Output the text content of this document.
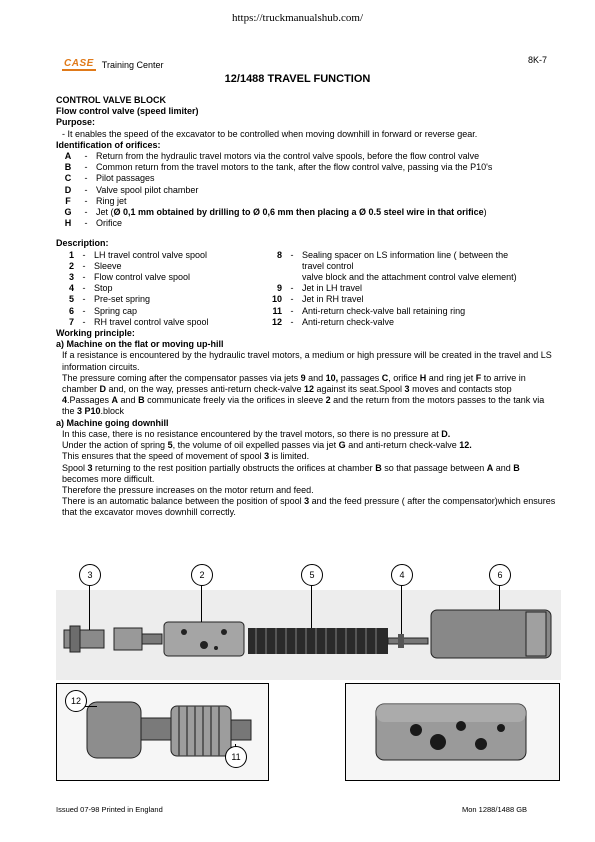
https://truckmanualshub.com/
CASE Training Center	8K-7
12/1488 TRAVEL FUNCTION
CONTROL VALVE BLOCK
Flow control valve (speed limiter)
Purpose:
- It enables the speed of the excavator to be controlled when moving downhill in forward or reverse gear.
Identification of orifices:
A	- Return from the hydraulic travel motors via the control valve spools, before the flow control valve
B	- Common return from the travel motors to the tank, after the flow control valve, passing via the P10's
C	- Pilot passages
D	- Valve spool pilot chamber
F	- Ring jet
G	- Jet (Ø 0,1 mm obtained by drilling to Ø 0,6 mm then placing a Ø 0.5 steel wire in that orifice)
H	- Orifice
Description:
1 - LH travel control valve spool
2 - Sleeve
3 - Flow control valve spool
4 - Stop
5 - Pre-set spring
6 - Spring cap
7 - RH travel control valve spool
8 - Sealing spacer on LS information line ( between the
travel control
valve block and the attachment control valve element)
9 - Jet in LH travel
10 - Jet in RH travel
11 - Anti-return check-valve ball retaining ring
12 - Anti-return check-valve
Working principle:
a) Machine on the flat or moving up-hill
If a resistance is encountered by the hydraulic travel motors, a medium or high pressure will be created in the travel and LS information circuits.
The pressure coming after the compensator passes via jets 9 and 10, passages C, orifice H and ring jet F to arrive in chamber D and, on the way, presses anti-return check-valve 12 against its seat.Spool 3 moves and contacts stop 4.Passages A and B communicate freely via the orifices in sleeve 2 and the return from the motors passes to the tank via the 3 P10.block
a) Machine going downhill
In this case, there is no resistance encountered by the travel motors, so there is no pressure at D.
Under the action of spring 5, the volume of oil expelled passes via jet G and anti-return check-valve 12.
This ensures that the speed of movement of spool 3 is limited.
Spool 3 returning to the rest position partially obstructs the orifices at chamber B so that passage between A and B becomes more difficult.
Therefore the pressure increases on the motor return and feed.
There is an automatic balance between the position of spool 3 and the feed pressure ( after the compensator)which ensures that the excavator moves downhill correctly.
3	2	5	4	6
12
11
Issued 07-98 Printed in England	Mon 1288/1488 GB
